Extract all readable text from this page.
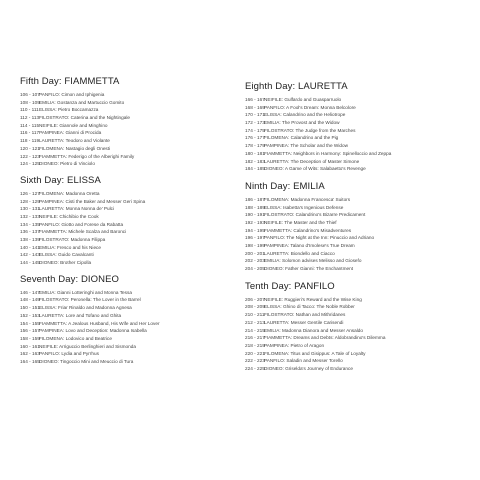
Fifth Day: FIAMMETTA
106 - 107 PANFILO: Cimon and Iphigenia
108 - 109 EMILIA: Gostanza and Martuccio Gomito
110 - 111 ELISSA: Pietro Boccamazza
112 - 113 FILOSTRATO: Caterina and the Nightingale
114 - 115 NEIFILE: Giannole and Minghino
116 - 117 PAMPINEA: Gianni di Procida
118 - 119 LAURETTA: Teodoro and Violante
120 - 121 FILOMENA: Nastagio degli Onesti
122 - 123 FIAMMETTA: Federigo of the Alberighi Family
124 - 125 DIONEO: Pietro di Vinciolo
Sixth Day: ELISSA
126 - 127 FILOMENA: Madonna Oretta
128 - 129 PAMPINEA: Cisti the Baker and Messer Geri Spina
130 - 131 LAURETTA: Monna Nonna de' Pulci
132 - 133 NEIFILE: Chichibio the Cook
134 - 135 PANFILO: Giotto and Forese da Rabatta
136 - 137 FIAMMETTA: Michele Scalza and Baronci
138 - 139 FILOSTRATO: Madonna Filippa
140 - 141 EMILIA: Fresco and his Niece
142 - 143 ELISSA: Guido Cavalcanti
144 - 145 DIONEO: Brother Cipolla
Seventh Day: DIONEO
146 - 147 EMILIA: Gianni Lotteringhi and Monna Tessa
148 - 149 FILOSTRATO: Peronella: The Lover in the Barrel
150 - 151 ELISSA: Friar Rinaldo and Madonna Agnesa
152 - 153 LAURETTA: Lore and Tofano and Ghita
154 - 155 FIAMMETTA: A Jealous Husband, His Wife and Her Lover
156 - 157 PAMPINEA: Lovo and Deception: Madonna Isabella
158 - 159 FILOMENA: Lodovico and Beatrice
160 - 161 NEIFILE: Arriguccio Berlinghieri and Sismonda
162 - 163 PANFILO: Lydia and Pyrrhus
164 - 165 DIONEO: Tingoccio Mini and Meuccio di Tura
Eighth Day: LAURETTA
166 - 167 NEIFILE: Gulfardo and Guasparruolo
168 - 169 PANFILO: A Fool's Dream: Monna Belcolore
170 - 171 ELISSA: Calandrino and the Heliotrope
172 - 173 EMILIA: The Provost and the Widow
174 - 175 FILOSTRATO: The Judge from the Marches
176 - 177 FILOMENA: Calandrino and the Pig
178 - 179 PAMPINEA: The Scholar and the Widow
180 - 181 FIAMMETTA: Neighbors in Harmony: Spinelloccio and Zeppa
182 - 183 LAURETTA: The Deception of Master Simone
184 - 185 DIONEO: A Game of Wits: Salabaetto's Revenge
Ninth Day: EMILIA
186 - 187 FILOMENA: Madonna Francesca' Suitors
188 - 189 ELISSA: Isabetta's Ingenious Defense
190 - 191 FILOSTRATO: Calandrino's Bizarre Predicament
192 - 193 NEIFILE: The Master and the Thief
194 - 195 FIAMMETTA: Calandrino's Misadventures
196 - 197 PANFILO: The Night at the Inn: Pinuccio and Adriano
198 - 199 PAMPINEA: Talano d'Imolese's True Dream
200 - 201 LAURETTA: Biondello and Ciacco
202 - 203 EMILIA: Solomon advises Melisso and Giosefo
204 - 205 DIONEO: Father Gianni: The Enchantment
Tenth Day: PANFILO
206 - 207 NEIFILE: Ruggieri's Reward and the Wise King
208 - 209 ELISSA: Ghino di Tacco: The Noble Robber
210 - 211 FILOSTRATO: Nathan and Mithridanes
212 - 213 LAURETTA: Messer Gentile Carisendi
214 - 215 EMILIA: Madonna Dianora and Messer Ansaldo
216 - 217 FIAMMETTA: Dreams and Debts: Aldobrandino's Dilemma
218 - 219 PAMPINEA: Pietro of Aragon
220 - 221 FILOMENA: Titus and Gisippus: A Tale of Loyalty
222 - 223 PANFILO: Saladin and Messer Torello
224 - 225 DIONEO: Griselda's Journey of Endurance
